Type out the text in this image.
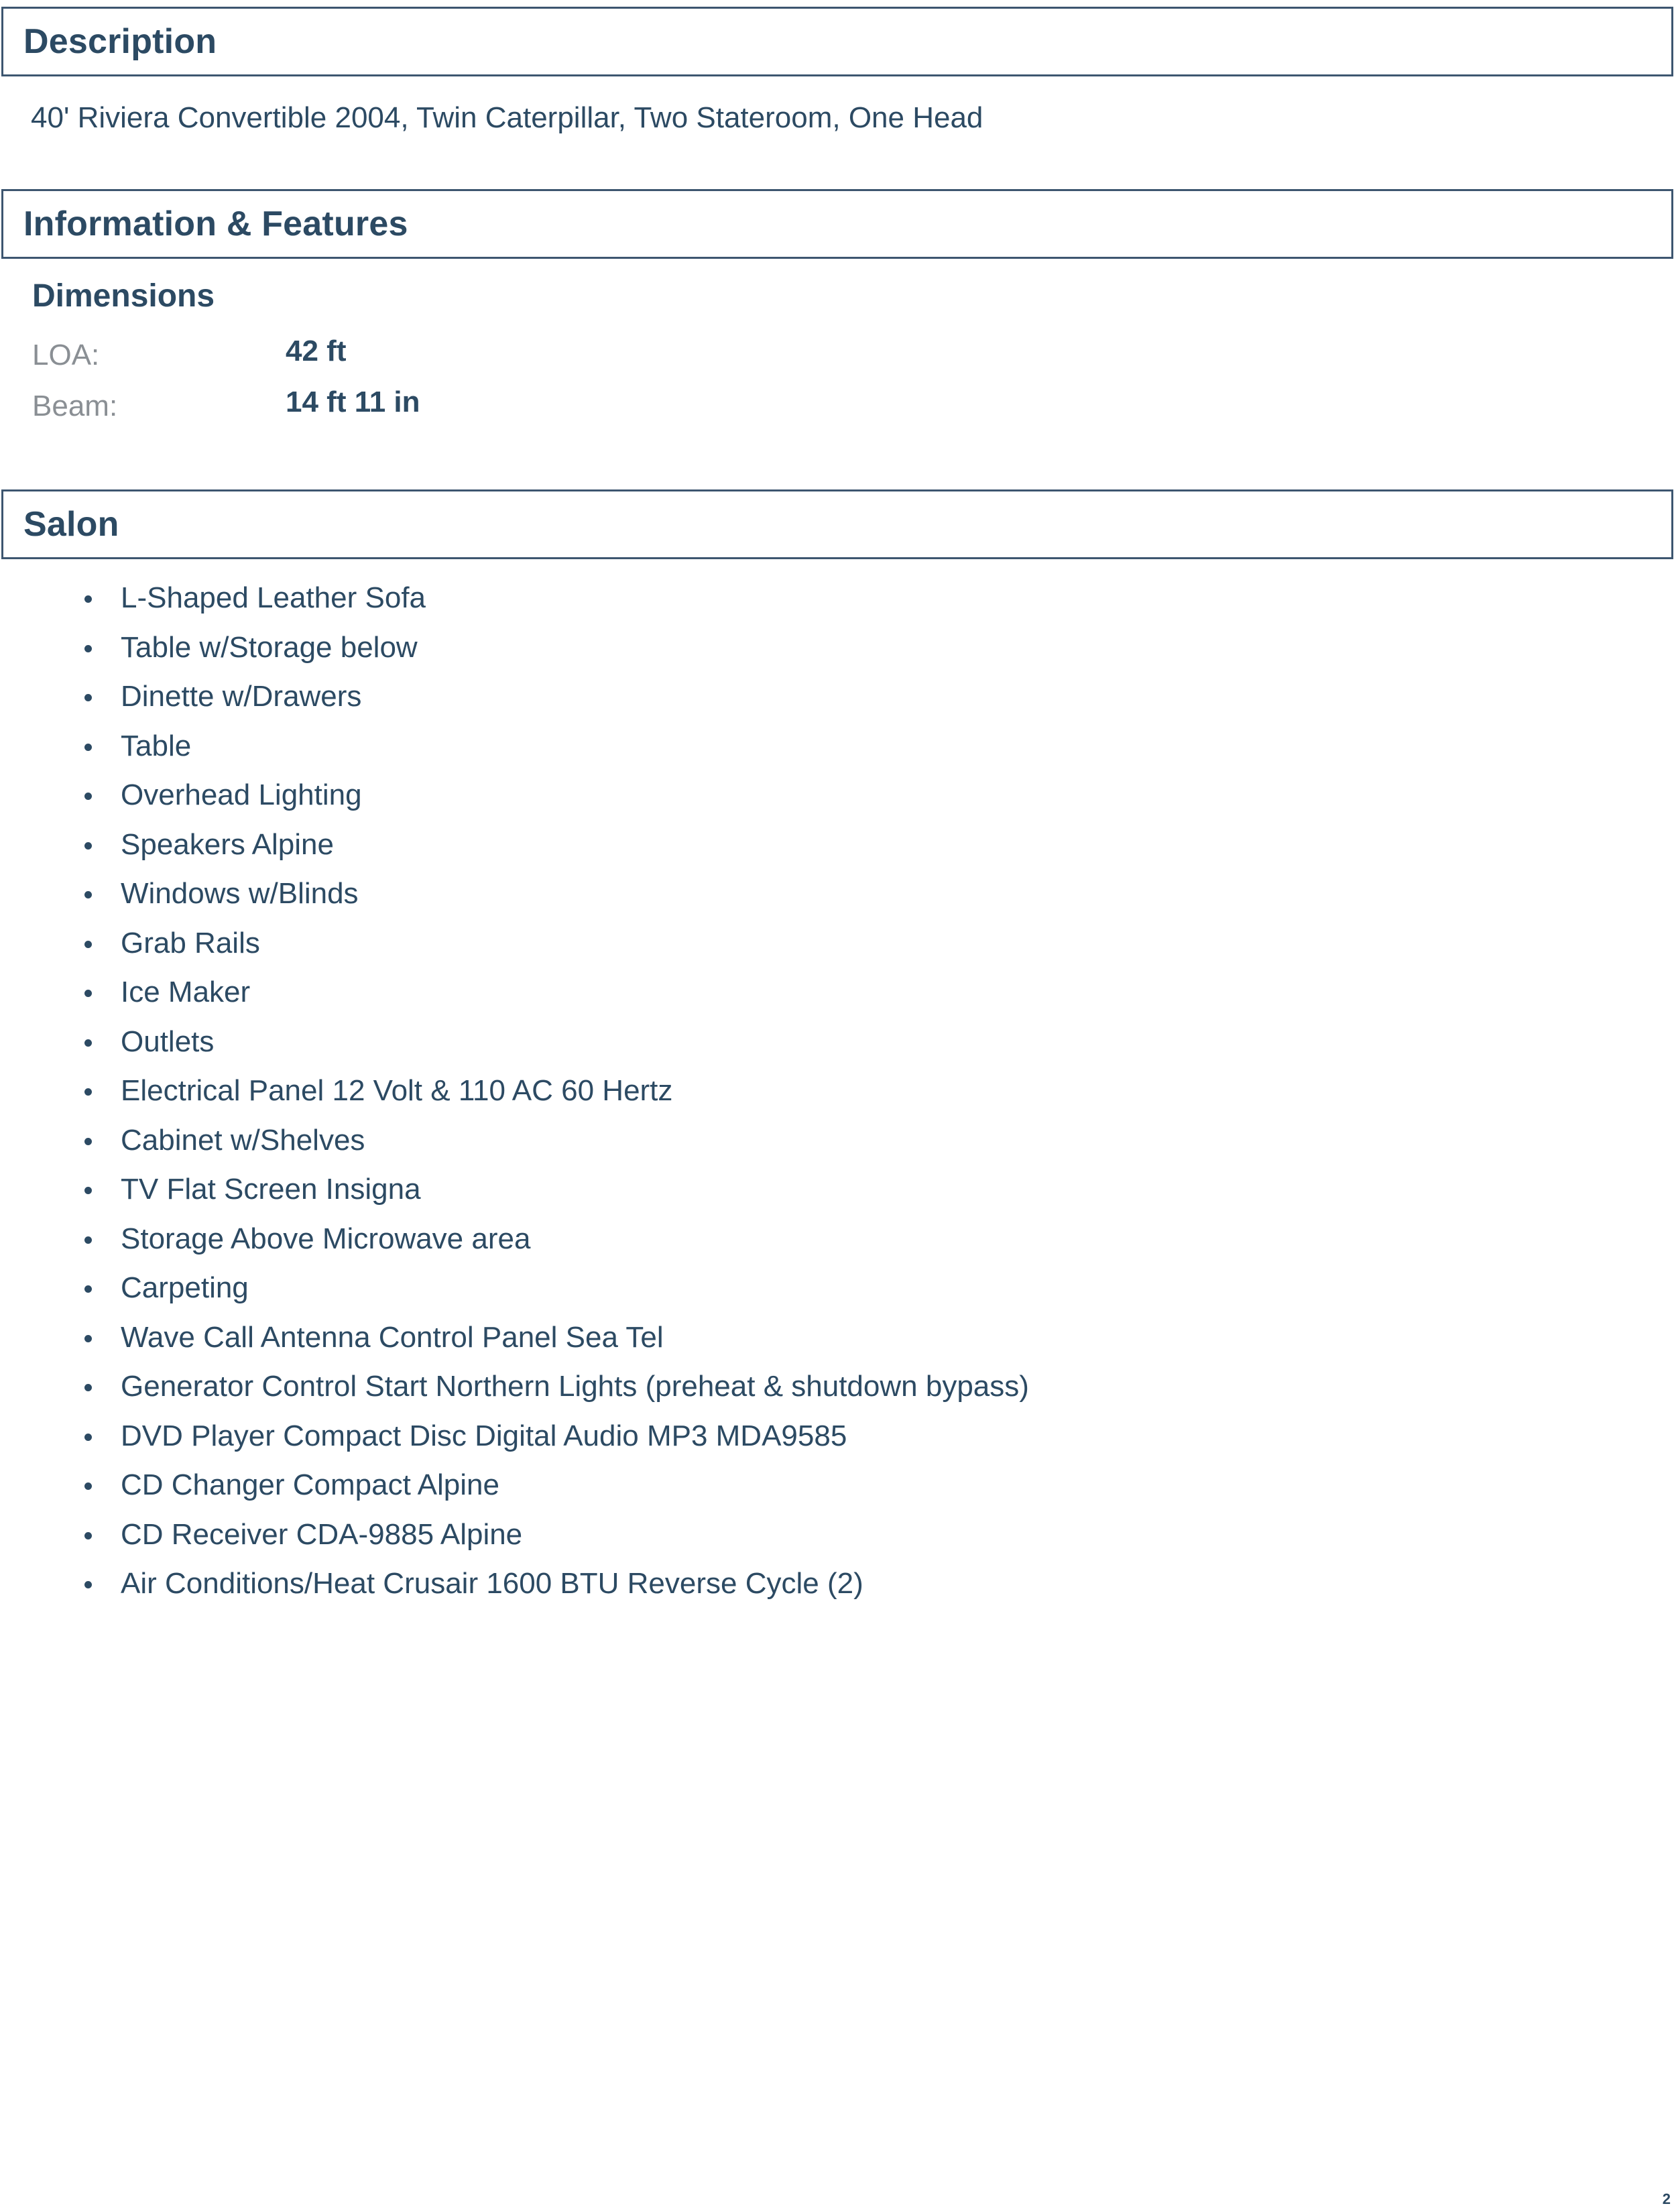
Description
40' Riviera Convertible 2004, Twin Caterpillar, Two Stateroom, One Head
Information & Features
Dimensions
LOA:	42 ft
Beam:	14 ft 11 in
Salon
L-Shaped Leather Sofa
Table w/Storage below
Dinette w/Drawers
Table
Overhead Lighting
Speakers Alpine
Windows w/Blinds
Grab Rails
Ice Maker
Outlets
Electrical Panel 12 Volt & 110 AC 60 Hertz
Cabinet w/Shelves
TV Flat Screen Insigna
Storage Above Microwave area
Carpeting
Wave Call Antenna Control Panel Sea Tel
Generator Control Start Northern Lights (preheat & shutdown bypass)
DVD Player Compact Disc Digital Audio MP3 MDA9585
CD Changer Compact Alpine
CD Receiver CDA-9885 Alpine
Air Conditions/Heat Crusair 1600 BTU Reverse Cycle (2)
2
